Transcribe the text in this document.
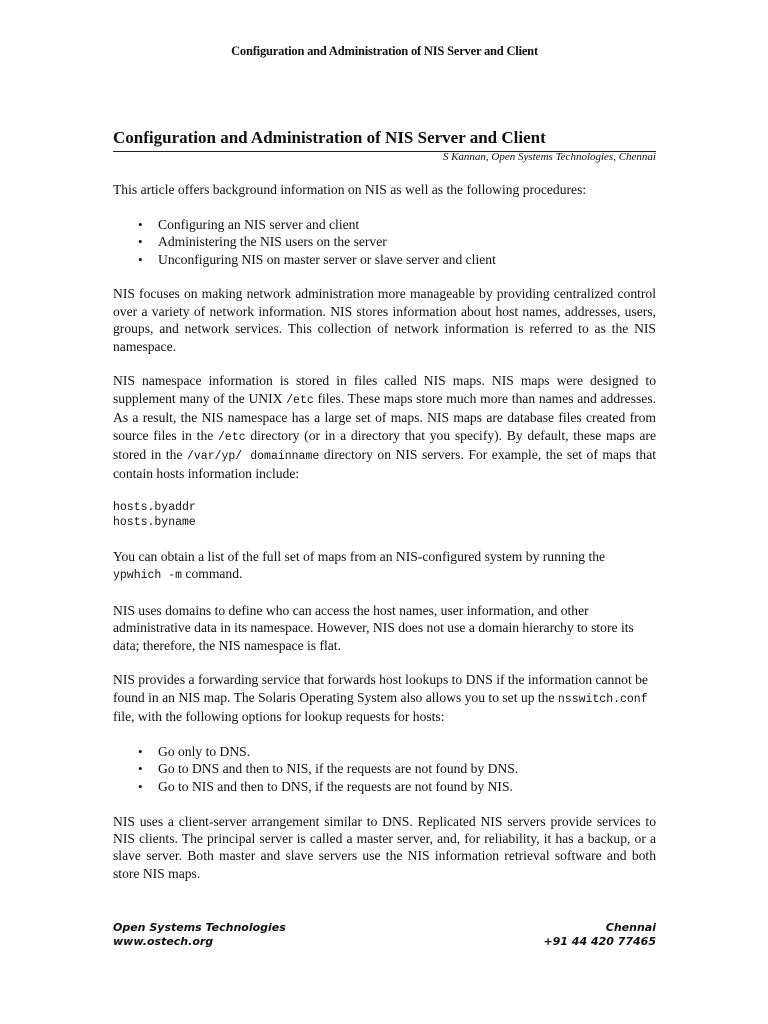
Configuration and Administration of NIS Server and Client
Configuration and Administration of NIS Server and Client
S Kannan, Open Systems Technologies, Chennai

This article offers background information on NIS as well as the following procedures:

• Configuring an NIS server and client
• Administering the NIS users on the server
• Unconfiguring NIS on master server or slave server and client

NIS focuses on making network administration more manageable by providing centralized control over a variety of network information. NIS stores information about host names, addresses, users, groups, and network services. This collection of network information is referred to as the NIS namespace.

NIS namespace information is stored in files called NIS maps. NIS maps were designed to supplement many of the UNIX /etc files. These maps store much more than names and addresses. As a result, the NIS namespace has a large set of maps. NIS maps are database files created from source files in the /etc directory (or in a directory that you specify). By default, these maps are stored in the /var/yp/ domainname directory on NIS servers. For example, the set of maps that contain hosts information include:

hosts.byaddr
hosts.byname

You can obtain a list of the full set of maps from an NIS-configured system by running the ypwhich -m command.

NIS uses domains to define who can access the host names, user information, and other administrative data in its namespace. However, NIS does not use a domain hierarchy to store its data; therefore, the NIS namespace is flat.

NIS provides a forwarding service that forwards host lookups to DNS if the information cannot be found in an NIS map. The Solaris Operating System also allows you to set up the nsswitch.conf file, with the following options for lookup requests for hosts:

• Go only to DNS.
• Go to DNS and then to NIS, if the requests are not found by DNS.
• Go to NIS and then to DNS, if the requests are not found by NIS.

NIS uses a client-server arrangement similar to DNS. Replicated NIS servers provide services to NIS clients. The principal server is called a master server, and, for reliability, it has a backup, or a slave server. Both master and slave servers use the NIS information retrieval software and both store NIS maps.

Open Systems Technologies
www.ostech.org
Chennai
+91 44 420 77465
